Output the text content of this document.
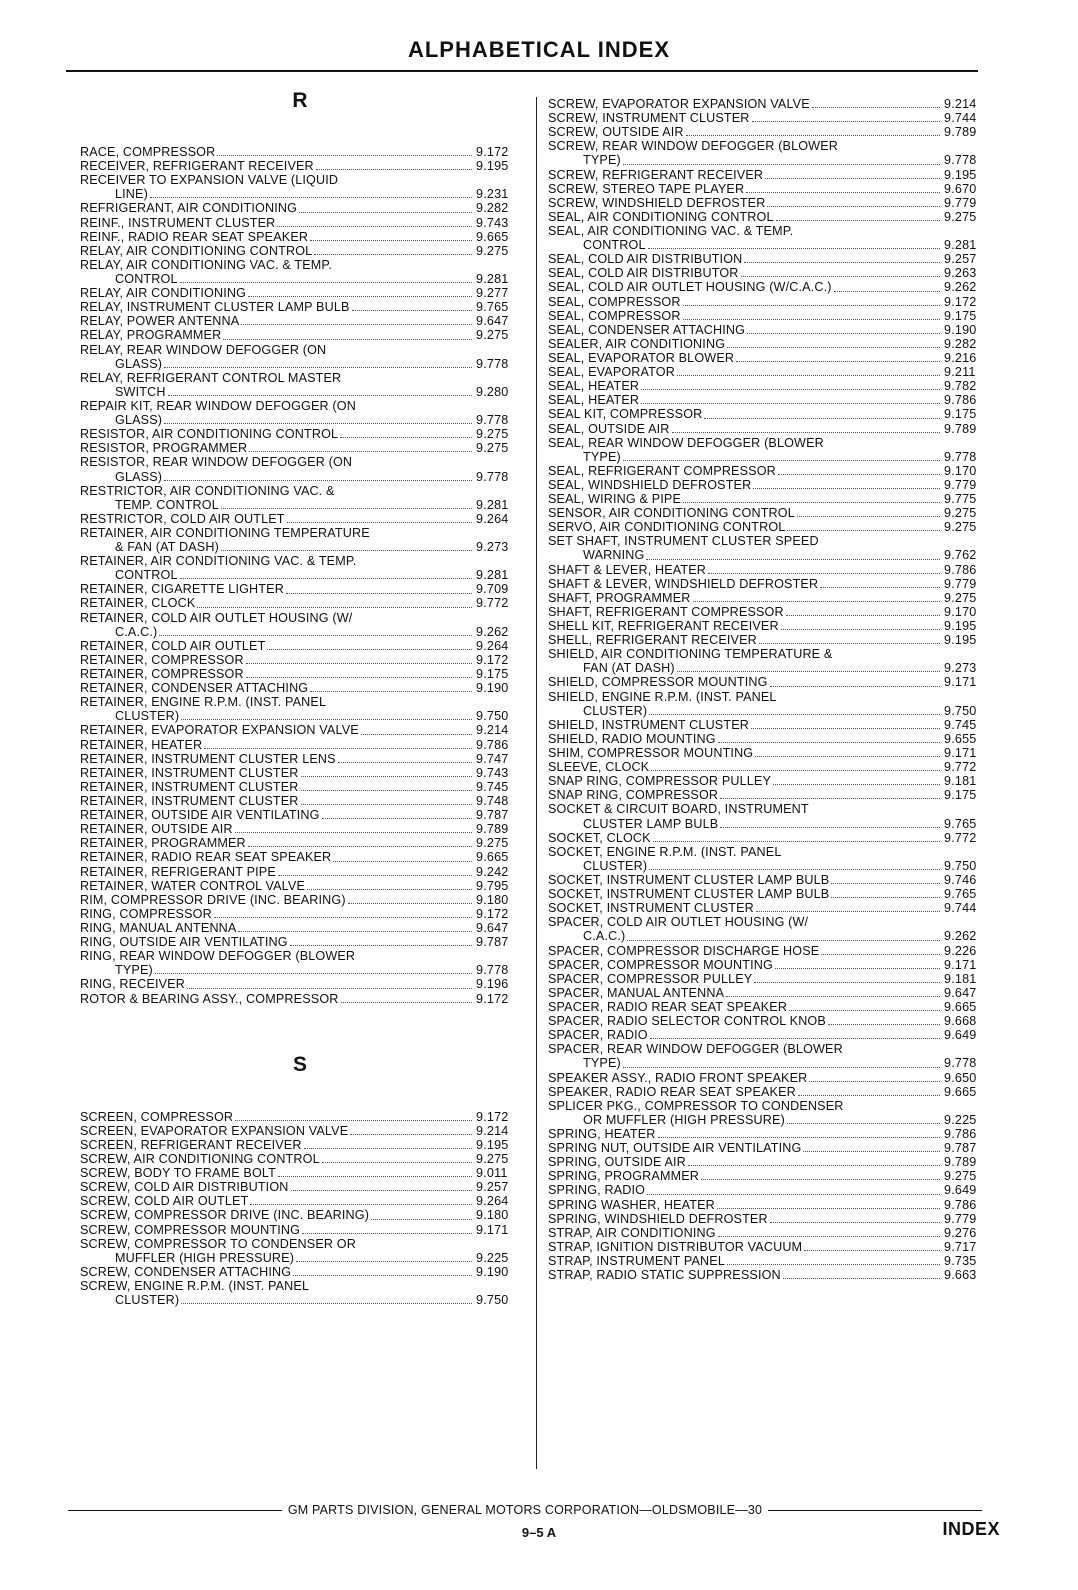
ALPHABETICAL INDEX
R
RACE, COMPRESSOR	9.172
RECEIVER, REFRIGERANT RECEIVER	9.195
RECEIVER TO EXPANSION VALVE (LIQUID
LINE)	9.231
REFRIGERANT, AIR CONDITIONING	9.282
REINF., INSTRUMENT CLUSTER	9.743
REINF., RADIO REAR SEAT SPEAKER	9.665
RELAY, AIR CONDITIONING CONTROL	9.275
RELAY, AIR CONDITIONING VAC. & TEMP.
CONTROL	9.281
RELAY, AIR CONDITIONING	9.277
RELAY, INSTRUMENT CLUSTER LAMP BULB	9.765
RELAY, POWER ANTENNA	9.647
RELAY, PROGRAMMER	9.275
RELAY, REAR WINDOW DEFOGGER (ON
GLASS)	9.778
RELAY, REFRIGERANT CONTROL MASTER
SWITCH	9.280
REPAIR KIT, REAR WINDOW DEFOGGER (ON
GLASS)	9.778
RESISTOR, AIR CONDITIONING CONTROL	9.275
RESISTOR, PROGRAMMER	9.275
RESISTOR, REAR WINDOW DEFOGGER (ON
GLASS)	9.778
RESTRICTOR, AIR CONDITIONING VAC. &
TEMP. CONTROL	9.281
RESTRICTOR, COLD AIR OUTLET	9.264
RETAINER, AIR CONDITIONING TEMPERATURE
& FAN (AT DASH)	9.273
RETAINER, AIR CONDITIONING VAC. & TEMP.
CONTROL	9.281
RETAINER, CIGARETTE LIGHTER	9.709
RETAINER, CLOCK	9.772
RETAINER, COLD AIR OUTLET HOUSING (W/
C.A.C.)	9.262
RETAINER, COLD AIR OUTLET	9.264
RETAINER, COMPRESSOR	9.172
RETAINER, COMPRESSOR	9.175
RETAINER, CONDENSER ATTACHING	9.190
RETAINER, ENGINE R.P.M. (INST. PANEL
CLUSTER)	9.750
RETAINER, EVAPORATOR EXPANSION VALVE	9.214
RETAINER, HEATER	9.786
RETAINER, INSTRUMENT CLUSTER LENS	9.747
RETAINER, INSTRUMENT CLUSTER	9.743
RETAINER, INSTRUMENT CLUSTER	9.745
RETAINER, INSTRUMENT CLUSTER	9.748
RETAINER, OUTSIDE AIR VENTILATING	9.787
RETAINER, OUTSIDE AIR	9.789
RETAINER, PROGRAMMER	9.275
RETAINER, RADIO REAR SEAT SPEAKER	9.665
RETAINER, REFRIGERANT PIPE	9.242
RETAINER, WATER CONTROL VALVE	9.795
RIM, COMPRESSOR DRIVE (INC. BEARING)	9.180
RING, COMPRESSOR	9.172
RING, MANUAL ANTENNA	9.647
RING, OUTSIDE AIR VENTILATING	9.787
RING, REAR WINDOW DEFOGGER (BLOWER
TYPE)	9.778
RING, RECEIVER	9.196
ROTOR & BEARING ASSY., COMPRESSOR	9.172
S
SCREEN, COMPRESSOR	9.172
SCREEN, EVAPORATOR EXPANSION VALVE	9.214
SCREEN, REFRIGERANT RECEIVER	9.195
SCREW, AIR CONDITIONING CONTROL	9.275
SCREW, BODY TO FRAME BOLT	9.011
SCREW, COLD AIR DISTRIBUTION	9.257
SCREW, COLD AIR OUTLET	9.264
SCREW, COMPRESSOR DRIVE (INC. BEARING)	9.180
SCREW, COMPRESSOR MOUNTING	9.171
SCREW, COMPRESSOR TO CONDENSER OR
MUFFLER (HIGH PRESSURE)	9.225
SCREW, CONDENSER ATTACHING	9.190
SCREW, ENGINE R.P.M. (INST. PANEL
CLUSTER)	9.750
SCREW, EVAPORATOR EXPANSION VALVE	9.214
SCREW, INSTRUMENT CLUSTER	9.744
SCREW, OUTSIDE AIR	9.789
SCREW, REAR WINDOW DEFOGGER (BLOWER
TYPE)	9.778
SCREW, REFRIGERANT RECEIVER	9.195
SCREW, STEREO TAPE PLAYER	9.670
SCREW, WINDSHIELD DEFROSTER	9.779
SEAL, AIR CONDITIONING CONTROL	9.275
SEAL, AIR CONDITIONING VAC. & TEMP.
CONTROL	9.281
SEAL, COLD AIR DISTRIBUTION	9.257
SEAL, COLD AIR DISTRIBUTOR	9.263
SEAL, COLD AIR OUTLET HOUSING (W/C.A.C.)	9.262
SEAL, COMPRESSOR	9.172
SEAL, COMPRESSOR	9.175
SEAL, CONDENSER ATTACHING	9.190
SEALER, AIR CONDITIONING	9.282
SEAL, EVAPORATOR BLOWER	9.216
SEAL, EVAPORATOR	9.211
SEAL, HEATER	9.782
SEAL, HEATER	9.786
SEAL KIT, COMPRESSOR	9.175
SEAL, OUTSIDE AIR	9.789
SEAL, REAR WINDOW DEFOGGER (BLOWER
TYPE)	9.778
SEAL, REFRIGERANT COMPRESSOR	9.170
SEAL, WINDSHIELD DEFROSTER	9.779
SEAL, WIRING & PIPE	9.775
SENSOR, AIR CONDITIONING CONTROL	9.275
SERVO, AIR CONDITIONING CONTROL	9.275
SET SHAFT, INSTRUMENT CLUSTER SPEED
WARNING	9.762
SHAFT & LEVER, HEATER	9.786
SHAFT & LEVER, WINDSHIELD DEFROSTER	9.779
SHAFT, PROGRAMMER	9.275
SHAFT, REFRIGERANT COMPRESSOR	9.170
SHELL KIT, REFRIGERANT RECEIVER	9.195
SHELL, REFRIGERANT RECEIVER	9.195
SHIELD, AIR CONDITIONING TEMPERATURE &
FAN (AT DASH)	9.273
SHIELD, COMPRESSOR MOUNTING	9.171
SHIELD, ENGINE R.P.M. (INST. PANEL
CLUSTER)	9.750
SHIELD, INSTRUMENT CLUSTER	9.745
SHIELD, RADIO MOUNTING	9.655
SHIM, COMPRESSOR MOUNTING	9.171
SLEEVE, CLOCK	9.772
SNAP RING, COMPRESSOR PULLEY	9.181
SNAP RING, COMPRESSOR	9.175
SOCKET & CIRCUIT BOARD, INSTRUMENT
CLUSTER LAMP BULB	9.765
SOCKET, CLOCK	9.772
SOCKET, ENGINE R.P.M. (INST. PANEL
CLUSTER)	9.750
SOCKET, INSTRUMENT CLUSTER LAMP BULB	9.746
SOCKET, INSTRUMENT CLUSTER LAMP BULB	9.765
SOCKET, INSTRUMENT CLUSTER	9.744
SPACER, COLD AIR OUTLET HOUSING (W/
C.A.C.)	9.262
SPACER, COMPRESSOR DISCHARGE HOSE	9.226
SPACER, COMPRESSOR MOUNTING	9.171
SPACER, COMPRESSOR PULLEY	9.181
SPACER, MANUAL ANTENNA	9.647
SPACER, RADIO REAR SEAT SPEAKER	9.665
SPACER, RADIO SELECTOR CONTROL KNOB	9.668
SPACER, RADIO	9.649
SPACER, REAR WINDOW DEFOGGER (BLOWER
TYPE)	9.778
SPEAKER ASSY., RADIO FRONT SPEAKER	9.650
SPEAKER, RADIO REAR SEAT SPEAKER	9.665
SPLICER PKG., COMPRESSOR TO CONDENSER
OR MUFFLER (HIGH PRESSURE)	9.225
SPRING, HEATER	9.786
SPRING NUT, OUTSIDE AIR VENTILATING	9.787
SPRING, OUTSIDE AIR	9.789
SPRING, PROGRAMMER	9.275
SPRING, RADIO	9.649
SPRING WASHER, HEATER	9.786
SPRING, WINDSHIELD DEFROSTER	9.779
STRAP, AIR CONDITIONING	9.276
STRAP, IGNITION DISTRIBUTOR VACUUM	9.717
STRAP, INSTRUMENT PANEL	9.735
STRAP, RADIO STATIC SUPPRESSION	9.663
GM PARTS DIVISION, GENERAL MOTORS CORPORATION—OLDSMOBILE—30
9–5 A	INDEX
